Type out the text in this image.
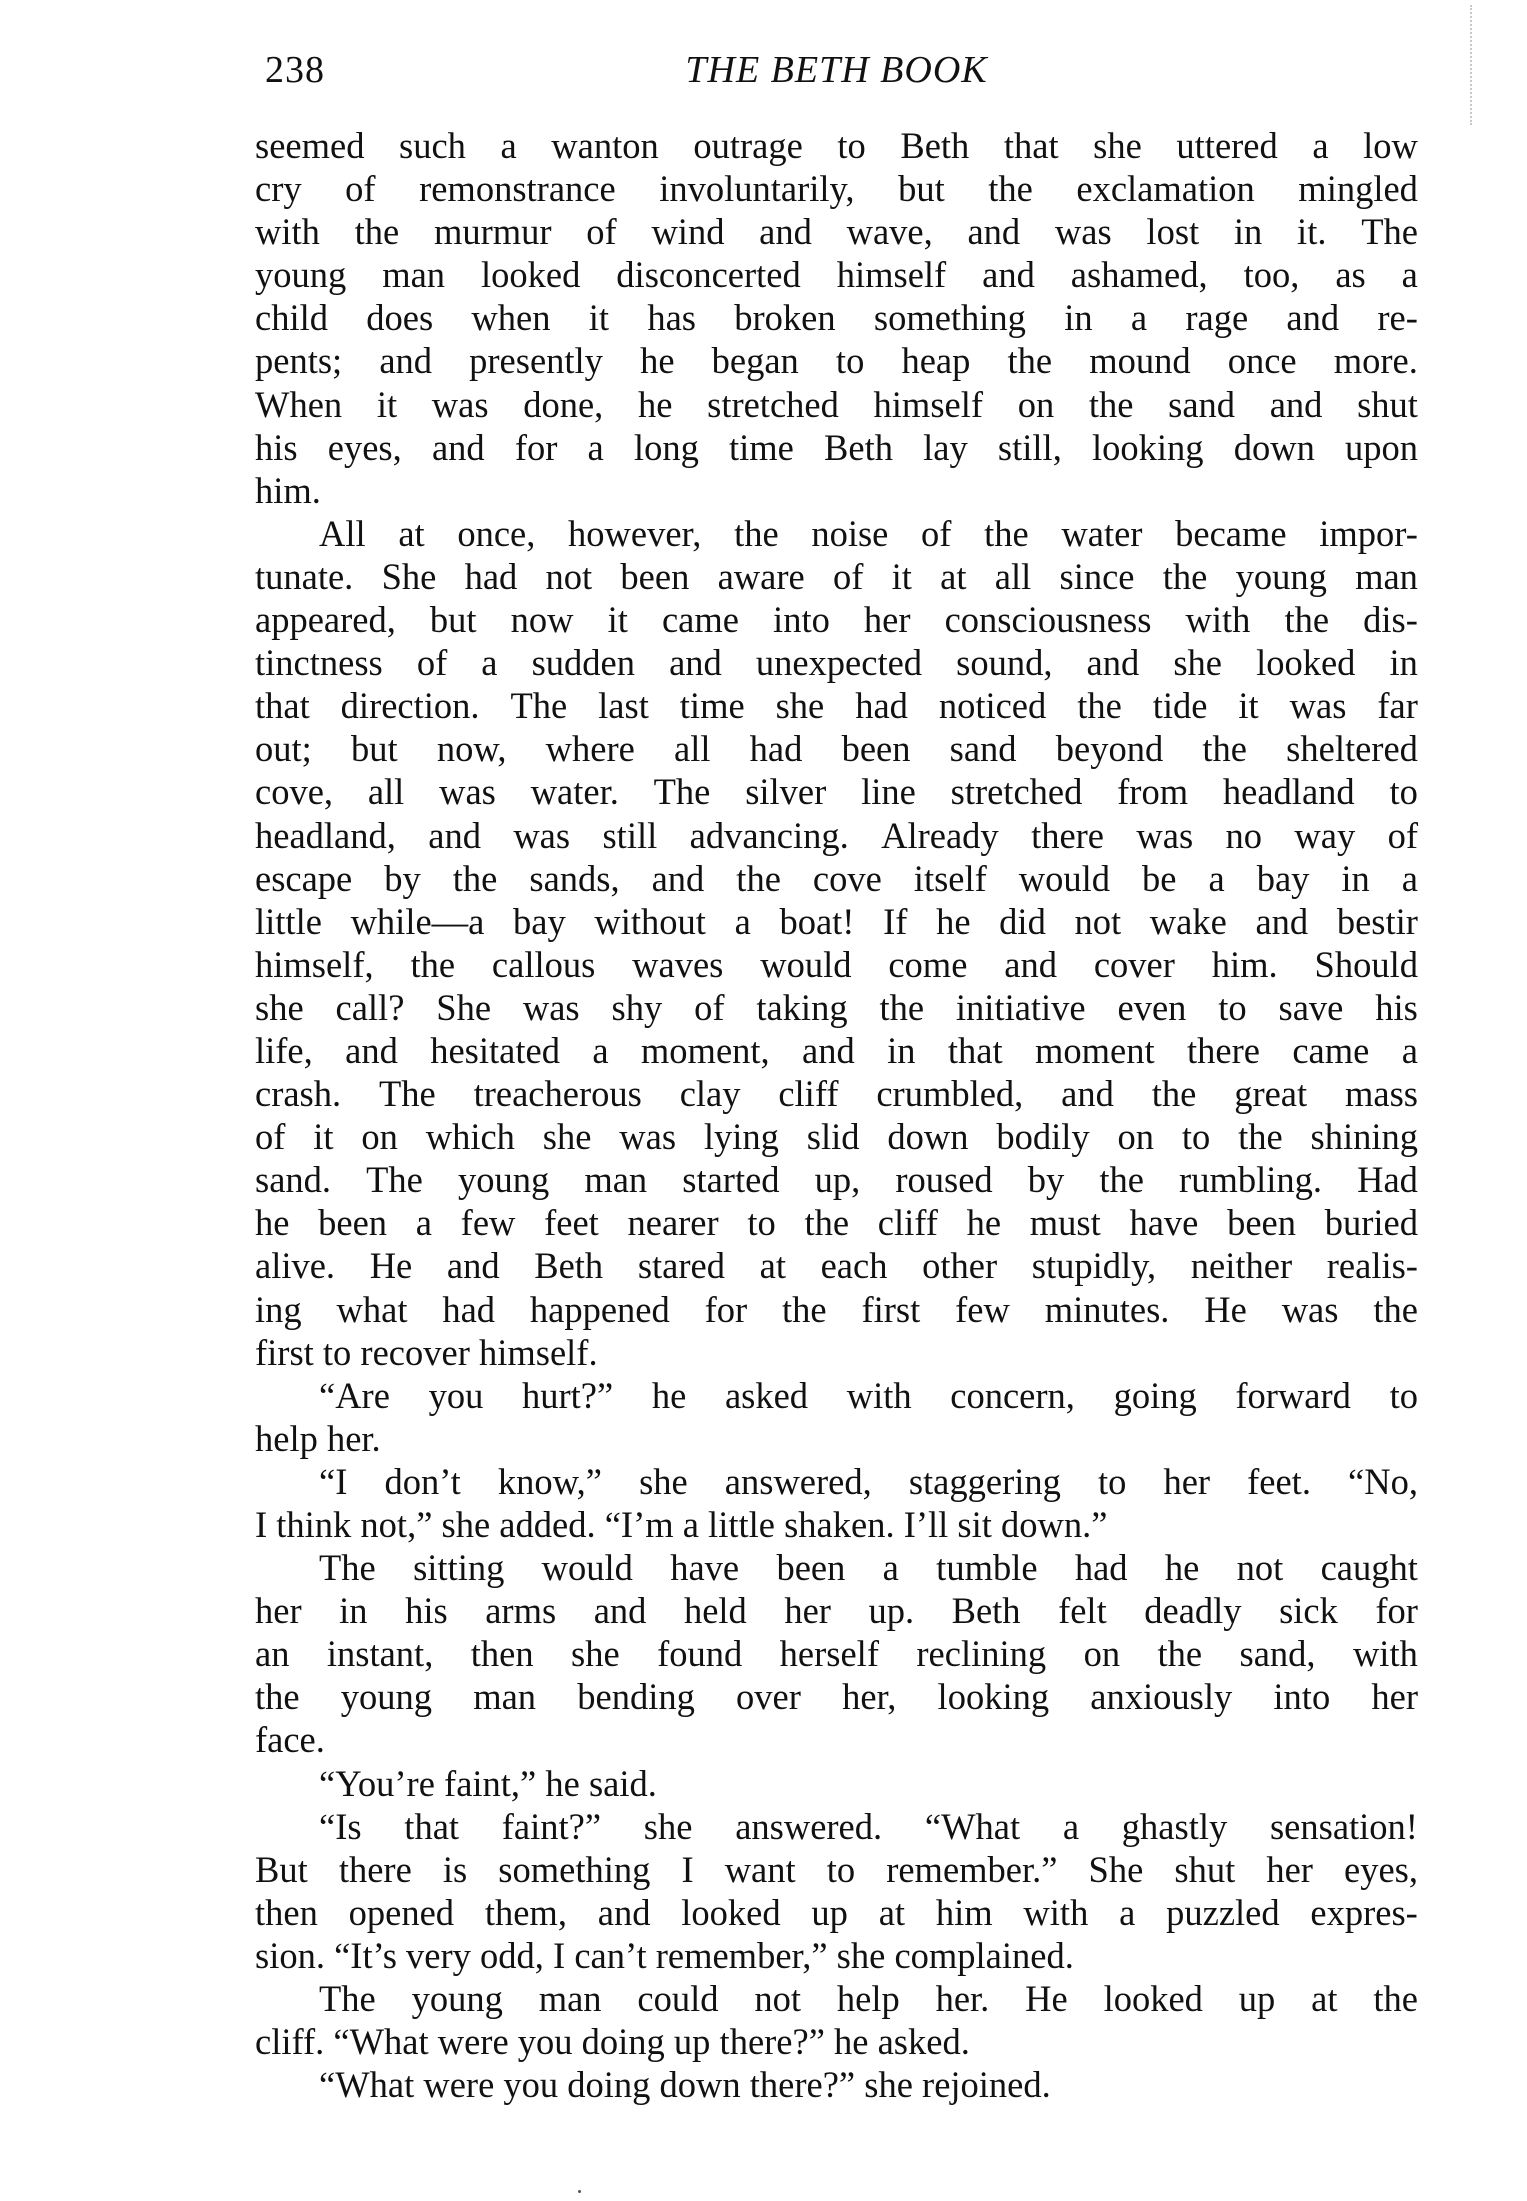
238	THE BETH BOOK
seemed such a wanton outrage to Beth that she uttered a low
cry of remonstrance involuntarily, but the exclamation mingled
with the murmur of wind and wave, and was lost in it. The
young man looked disconcerted himself and ashamed, too, as a
child does when it has broken something in a rage and re-
pents; and presently he began to heap the mound once more.
When it was done, he stretched himself on the sand and shut
his eyes, and for a long time Beth lay still, looking down upon
him.
All at once, however, the noise of the water became impor-
tunate. She had not been aware of it at all since the young man
appeared, but now it came into her consciousness with the dis-
tinctness of a sudden and unexpected sound, and she looked in
that direction. The last time she had noticed the tide it was far
out; but now, where all had been sand beyond the sheltered
cove, all was water. The silver line stretched from headland to
headland, and was still advancing. Already there was no way of
escape by the sands, and the cove itself would be a bay in a
little while—a bay without a boat! If he did not wake and bestir
himself, the callous waves would come and cover him. Should
she call? She was shy of taking the initiative even to save his
life, and hesitated a moment, and in that moment there came a
crash. The treacherous clay cliff crumbled, and the great mass
of it on which she was lying slid down bodily on to the shining
sand. The young man started up, roused by the rumbling. Had
he been a few feet nearer to the cliff he must have been buried
alive. He and Beth stared at each other stupidly, neither realis-
ing what had happened for the first few minutes. He was the
first to recover himself.
“Are you hurt?” he asked with concern, going forward to
help her.
“I don’t know,” she answered, staggering to her feet. “No,
I think not,” she added. “I’m a little shaken. I’ll sit down.”
The sitting would have been a tumble had he not caught
her in his arms and held her up. Beth felt deadly sick for
an instant, then she found herself reclining on the sand, with
the young man bending over her, looking anxiously into her
face.
“You’re faint,” he said.
“Is that faint?” she answered. “What a ghastly sensation!
But there is something I want to remember.” She shut her eyes,
then opened them, and looked up at him with a puzzled expres-
sion. “It’s very odd, I can’t remember,” she complained.
The young man could not help her. He looked up at the
cliff. “What were you doing up there?” he asked.
“What were you doing down there?” she rejoined.
